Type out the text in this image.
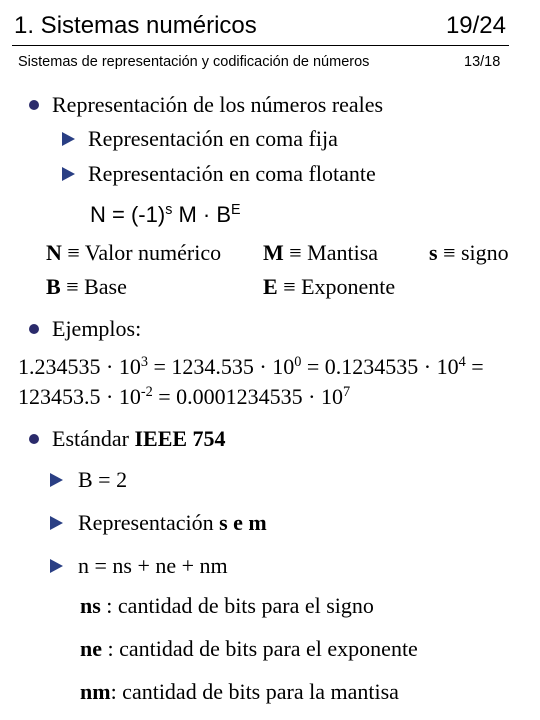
1. Sistemas numéricos	19/24
Sistemas de representación y codificación de números	13/18
Representación de los números reales
Representación en coma fija
Representación en coma flotante
$N = (-1)^s$ $M \cdot B^E$
N ≡ Valor numérico M ≡ Mantisa s ≡ signo
B ≡ Base	E ≡ Exponente
Ejemplos:
$1.234535 \cdot 10^3 = 1234.535 \cdot 10^0 = 0.1234535 \cdot 10^4$ =
$123453.5 \cdot 10^{-2} = 0.0001234535 \cdot 10^7$
Estándar IEEE 754
B = 2
Representación s e m
n = ns + ne + nm
ns : cantidad de bits para el signo
ne : cantidad de bits para el exponente
nm: cantidad de bits para la mantisa
